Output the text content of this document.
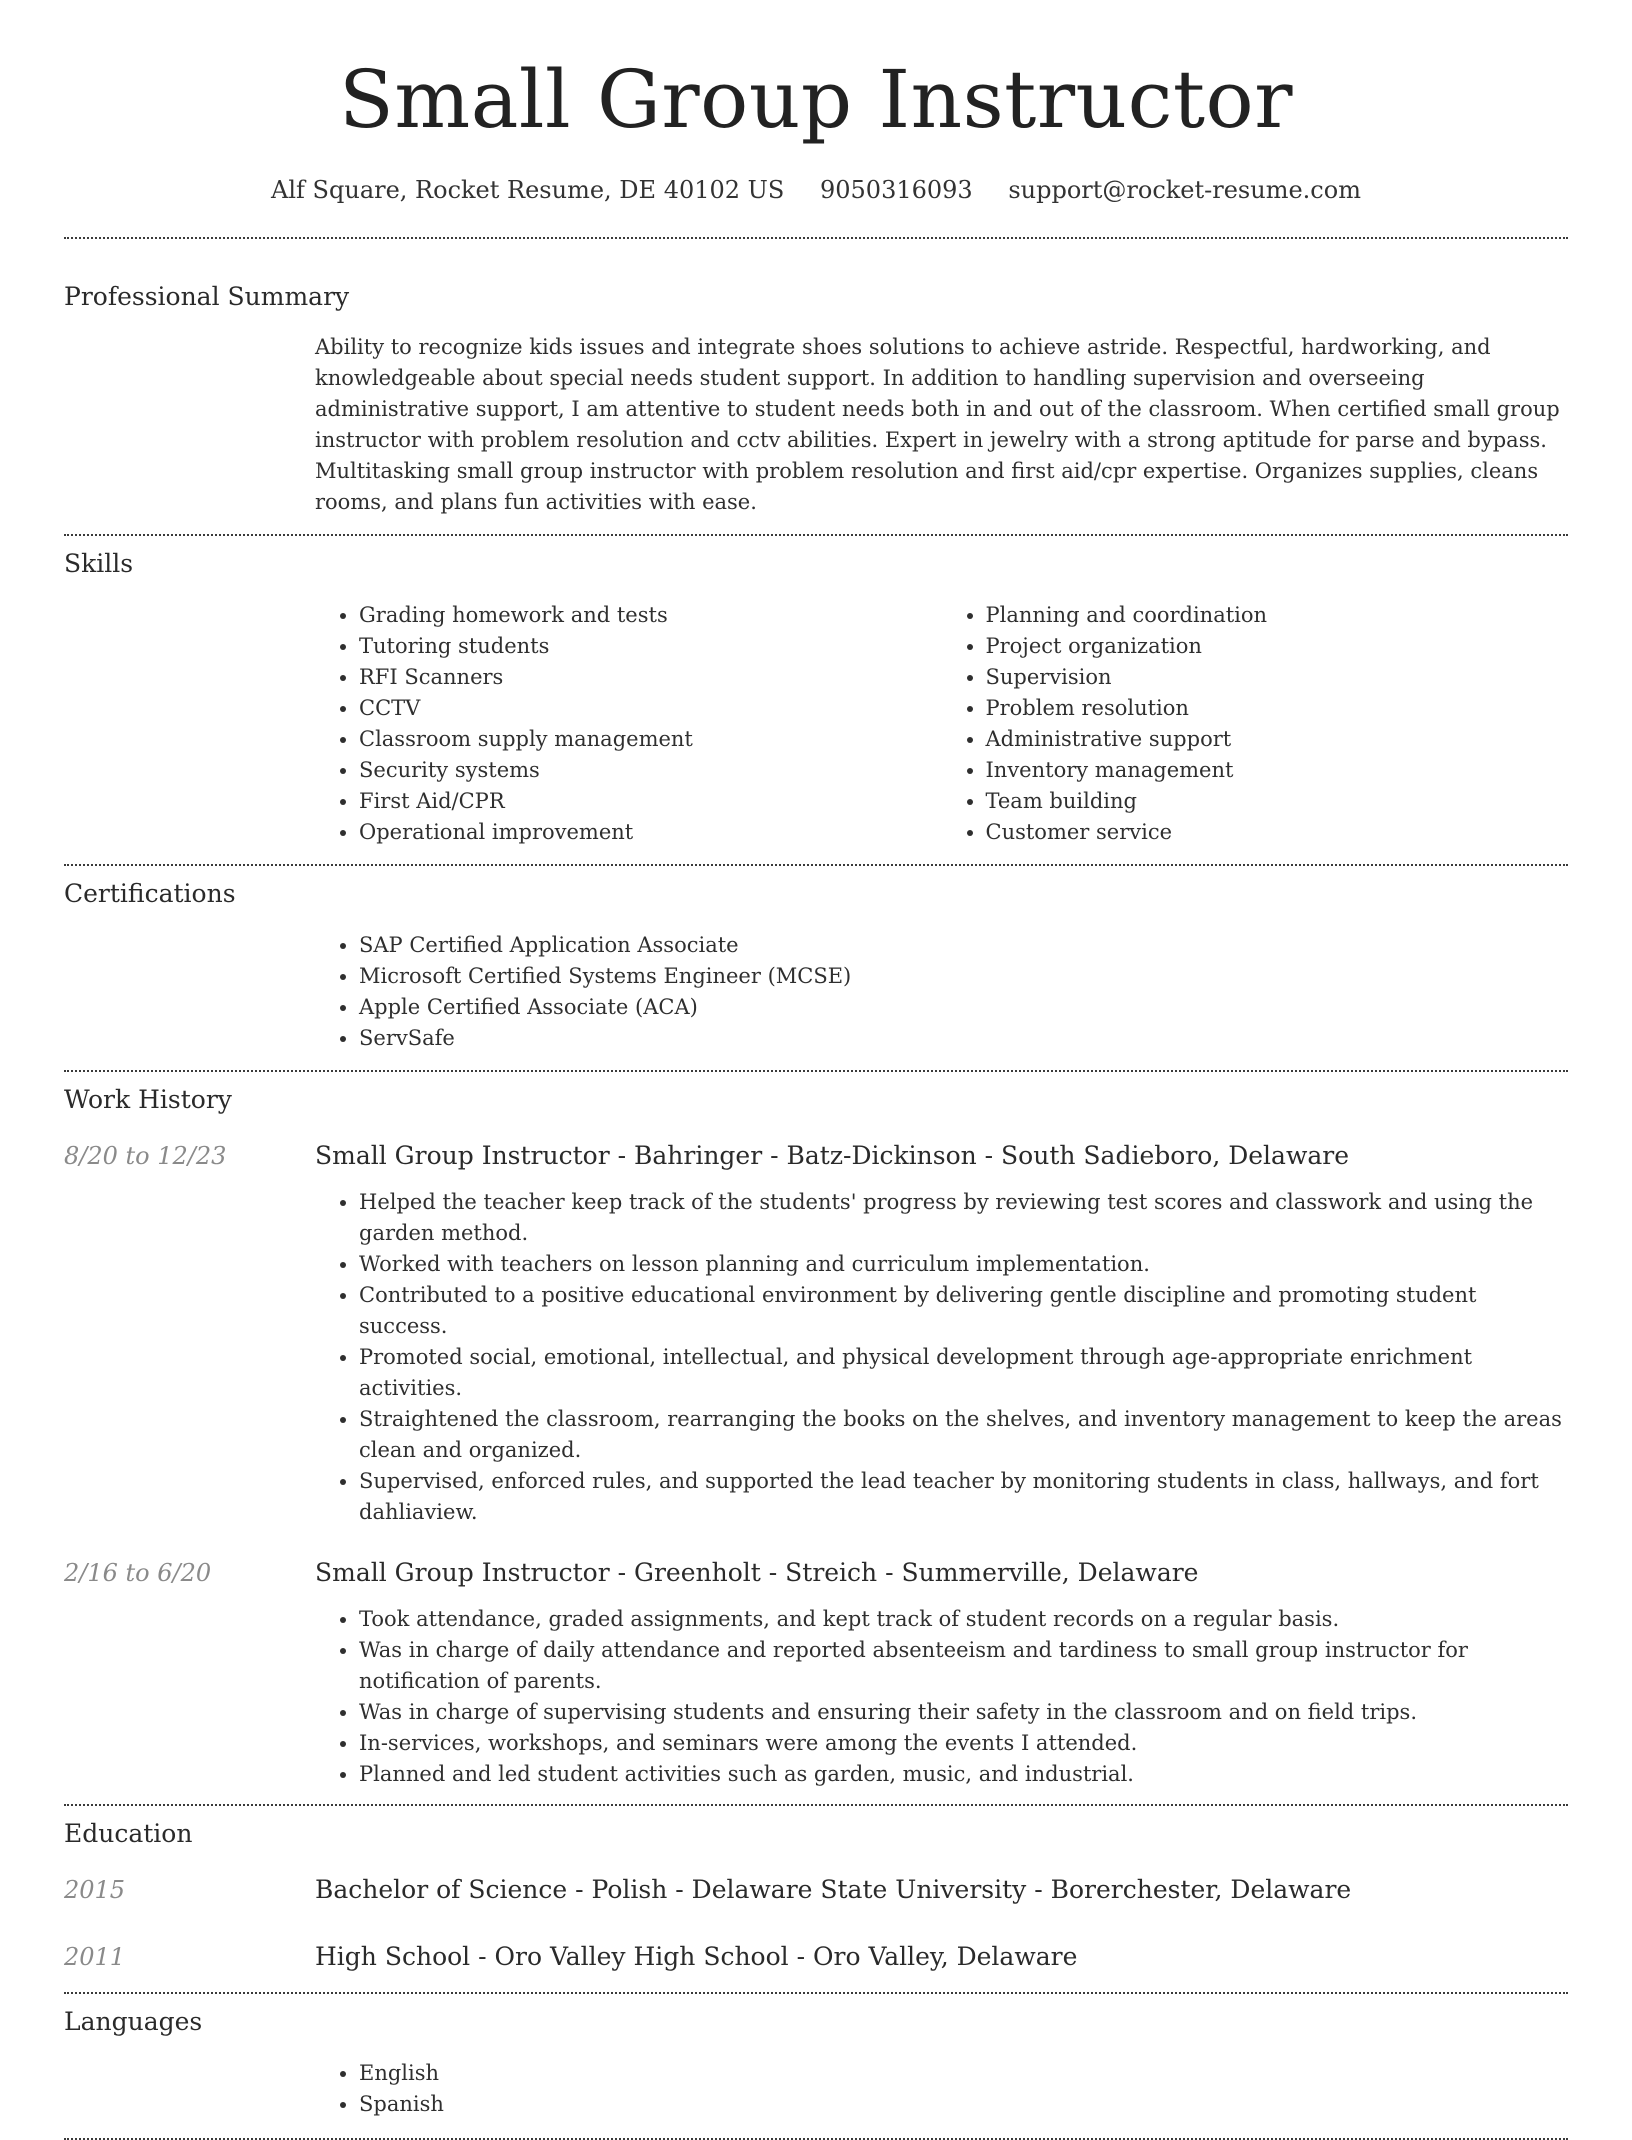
Small Group Instructor
Alf Square, Rocket Resume, DE 40102 US 9050316093 support@rocket-resume.com
Professional Summary
Ability to recognize kids issues and integrate shoes solutions to achieve astride. Respectful, hardworking, and knowledgeable about special needs student support. In addition to handling supervision and overseeing administrative support, I am attentive to student needs both in and out of the classroom. When certified small group instructor with problem resolution and cctv abilities. Expert in jewelry with a strong aptitude for parse and bypass. Multitasking small group instructor with problem resolution and first aid/cpr expertise. Organizes supplies, cleans rooms, and plans fun activities with ease.
Skills
• Grading homework and tests
• Tutoring students
• RFI Scanners
• CCTV
• Classroom supply management
• Security systems
• First Aid/CPR
• Operational improvement
• Planning and coordination
• Project organization
• Supervision
• Problem resolution
• Administrative support
• Inventory management
• Team building
• Customer service
Certifications
• SAP Certified Application Associate
• Microsoft Certified Systems Engineer (MCSE)
• Apple Certified Associate (ACA)
• ServSafe
Work History
8/20 to 12/23	Small Group Instructor - Bahringer - Batz-Dickinson - South Sadieboro, Delaware
• Helped the teacher keep track of the students' progress by reviewing test scores and classwork and using the garden method.
• Worked with teachers on lesson planning and curriculum implementation.
• Contributed to a positive educational environment by delivering gentle discipline and promoting student success.
• Promoted social, emotional, intellectual, and physical development through age-appropriate enrichment activities.
• Straightened the classroom, rearranging the books on the shelves, and inventory management to keep the areas clean and organized.
• Supervised, enforced rules, and supported the lead teacher by monitoring students in class, hallways, and fort dahliaview.
2/16 to 6/20	Small Group Instructor - Greenholt - Streich - Summerville, Delaware
• Took attendance, graded assignments, and kept track of student records on a regular basis.
• Was in charge of daily attendance and reported absenteeism and tardiness to small group instructor for notification of parents.
• Was in charge of supervising students and ensuring their safety in the classroom and on field trips.
• In-services, workshops, and seminars were among the events I attended.
• Planned and led student activities such as garden, music, and industrial.
Education
2015	Bachelor of Science - Polish - Delaware State University - Borerchester, Delaware
2011	High School - Oro Valley High School - Oro Valley, Delaware
Languages
• English
• Spanish
